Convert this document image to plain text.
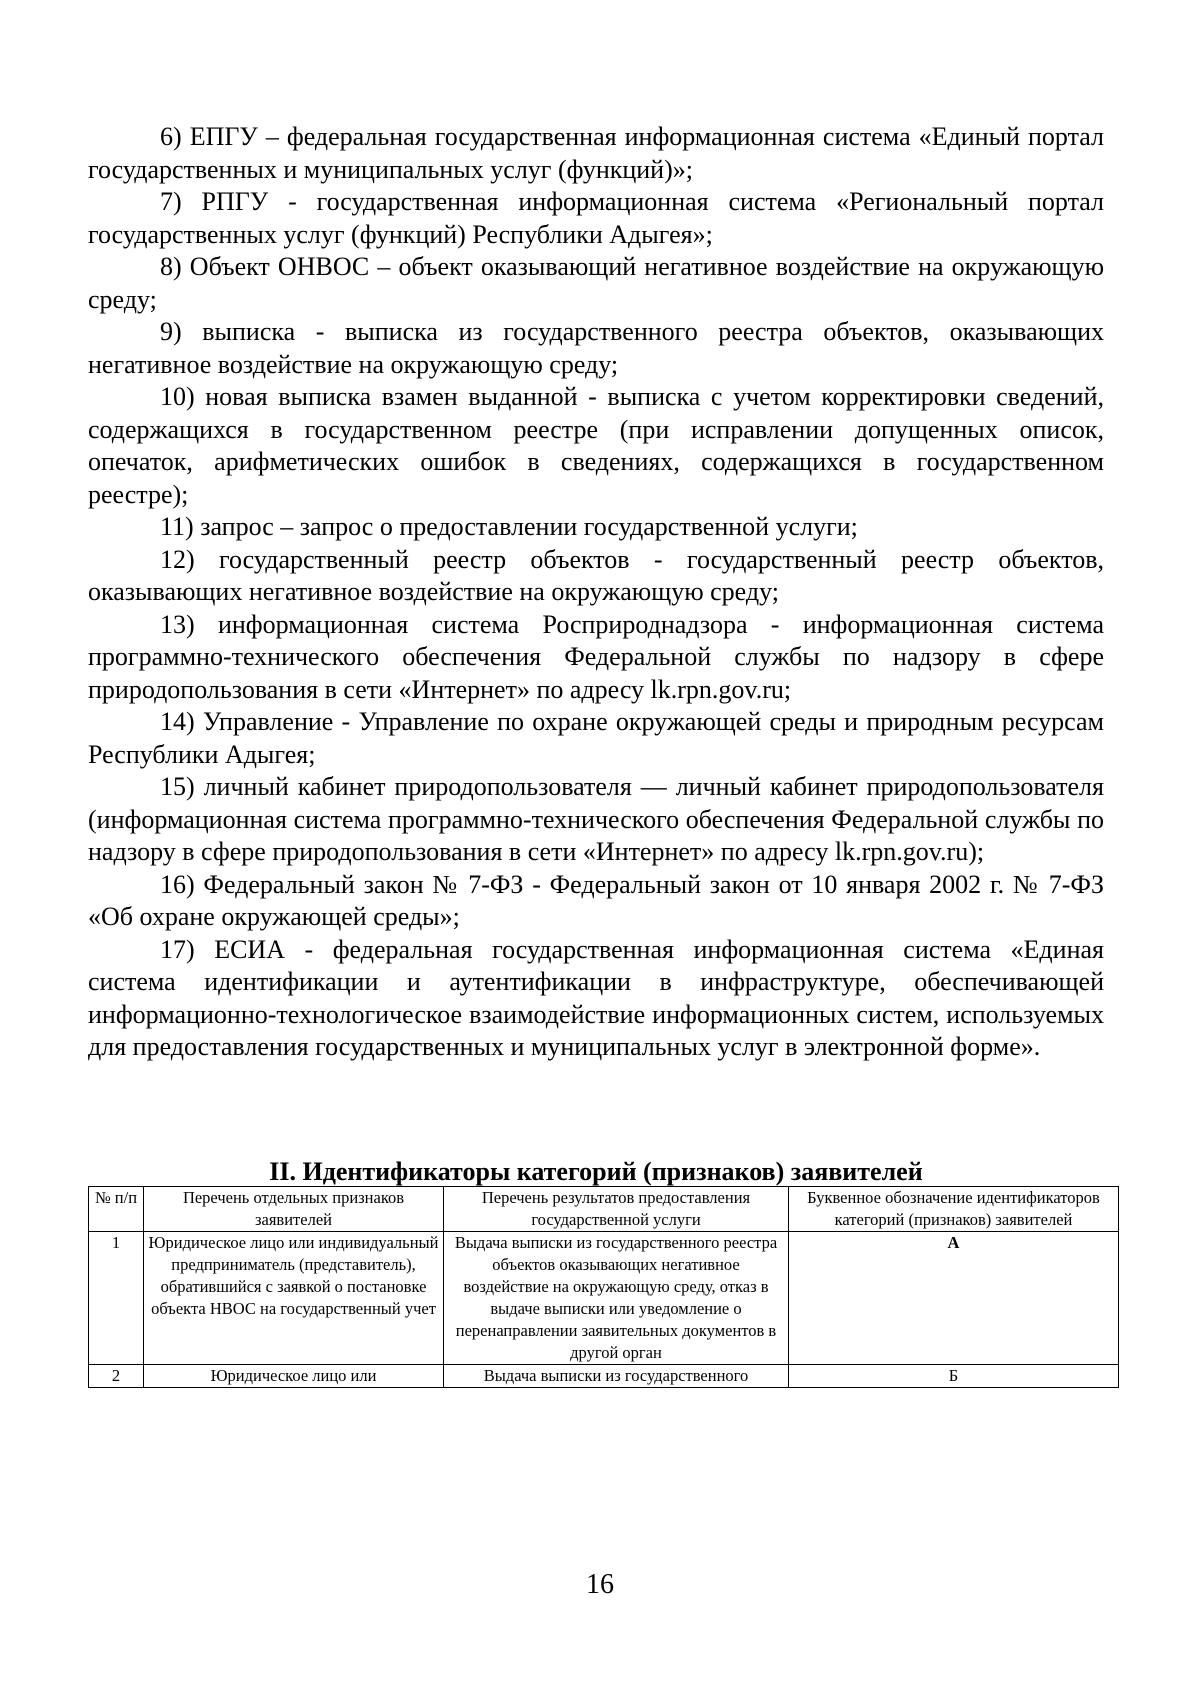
6) ЕПГУ – федеральная государственная информационная система «Единый портал государственных и муниципальных услуг (функций)»;

7) РПГУ - государственная информационная система «Региональный портал государственных услуг (функций) Республики Адыгея»;

8) Объект ОНВОС – объект оказывающий негативное воздействие на окружающую среду;

9) выписка - выписка из государственного реестра объектов, оказывающих негативное воздействие на окружающую среду;

10) новая выписка взамен выданной - выписка с учетом корректировки сведений, содержащихся в государственном реестре (при исправлении допущенных описок, опечаток, арифметических ошибок в сведениях, содержащихся в государственном реестре);

11) запрос – запрос о предоставлении государственной услуги;

12) государственный реестр объектов - государственный реестр объектов, оказывающих негативное воздействие на окружающую среду;

13) информационная система Росприроднадзора - информационная система программно-технического обеспечения Федеральной службы по надзору в сфере природопользования в сети «Интернет» по адресу lk.rpn.gov.ru;

14) Управление - Управление по охране окружающей среды и природным ресурсам Республики Адыгея;

15) личный кабинет природопользователя — личный кабинет природопользователя (информационная система программно-технического обеспечения Федеральной службы по надзору в сфере природопользования в сети «Интернет» по адресу lk.rpn.gov.ru);

16) Федеральный закон № 7-ФЗ - Федеральный закон от 10 января 2002 г. № 7-ФЗ «Об охране окружающей среды»;

17) ЕСИА - федеральная государственная информационная система «Единая система идентификации и аутентификации в инфраструктуре, обеспечивающей информационно-технологическое взаимодействие информационных систем, используемых для предоставления государственных и муниципальных услуг в электронной форме».

II. Идентификаторы категорий (признаков) заявителей
№ п/п	Перечень отдельных признаков заявителей	Перечень результатов предоставления государственной услуги	Буквенное обозначение идентификаторов категорий (признаков) заявителей
1	Юридическое лицо или индивидуальный предприниматель (представитель), обратившийся с заявкой о постановке объекта НВОС на государственный учет	Выдача выписки из государственного реестра объектов оказывающих негативное воздействие на окружающую среду, отказ в выдаче выписки или уведомление о перенаправлении заявительных документов в другой орган	А
2	Юридическое лицо или	Выдача выписки из государственного	Б
16
